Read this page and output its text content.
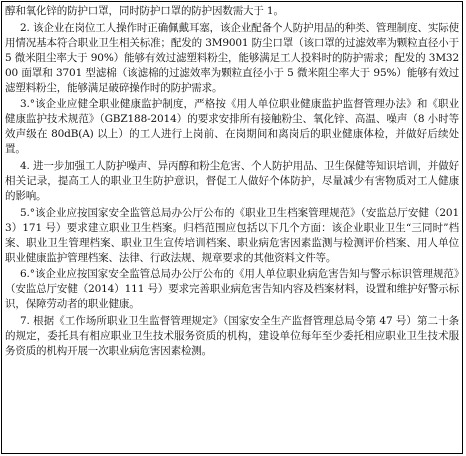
醇和氧化锌的防护口罩，同时防护口罩的防护因数需大于 1。

2. 该企业在岗位工人操作时正确佩戴耳塞，该企业配备个人防护用品的种类、管理制度、实际使用情况基本符合职业卫生相关标准；配发的 3M9001 防尘口罩（该口罩的过滤效率为颗粒直径小于 5 微米阻尘率大于 90%）能够有效过滤塑料粉尘，能够满足工人投料时的防护需求；配发的 3M3200 面罩和 3701 型滤棉（该滤棉的过滤效率为颗粒直径小于 5 微米阻尘率大于 95%）能够有效过滤塑料粉尘，能够满足破碎操作时的防护需求。

3.°该企业应健全职业健康监护制度，严格按《用人单位职业健康监护监督管理办法》和《职业健康监护技术规范》（GBZ188-2014）的要求安排所有接触粉尘、氧化锌、高温、噪声（8 小时等效声级在 80dB(A) 以上）的工人进行上岗前、在岗期间和离岗后的职业健康体检，并做好后续处置。

4. 进一步加强工人防护噪声、异丙醇和粉尘危害、个人防护用品、卫生保健等知识培训，并做好相关记录，提高工人的职业卫生防护意识，督促工人做好个体防护，尽量减少有害物质对工人健康的影响。

5.°该企业应按国家安全监管总局办公厅公布的《职业卫生档案管理规范》（安监总厅安健（2013）171 号）要求建立职业卫生档案。归档范围应包括以下几个方面：该企业职业卫生“三同时”档案、职业卫生管理档案、职业卫生宣传培训档案、职业病危害因素监测与检测评价档案、用人单位职业健康监护管理档案、法律、行政法规、规章要求的其他资料文件等。

6.°该企业应按国家安全监管总局办公厅公布的《用人单位职业病危害告知与警示标识管理规范》（安监总厅安健（2014）111 号）要求完善职业病危害告知内容及档案材料，设置和维护好警示标识，保障劳动者的职业健康。

7. 根据《工作场所职业卫生监督管理规定》（国家安全生产监督管理总局令第 47 号）第二十条的规定，委托具有相应职业卫生技术服务资质的机构，建设单位每年至少委托相应职业卫生技术服务资质的机构开展一次职业病危害因素检测。
